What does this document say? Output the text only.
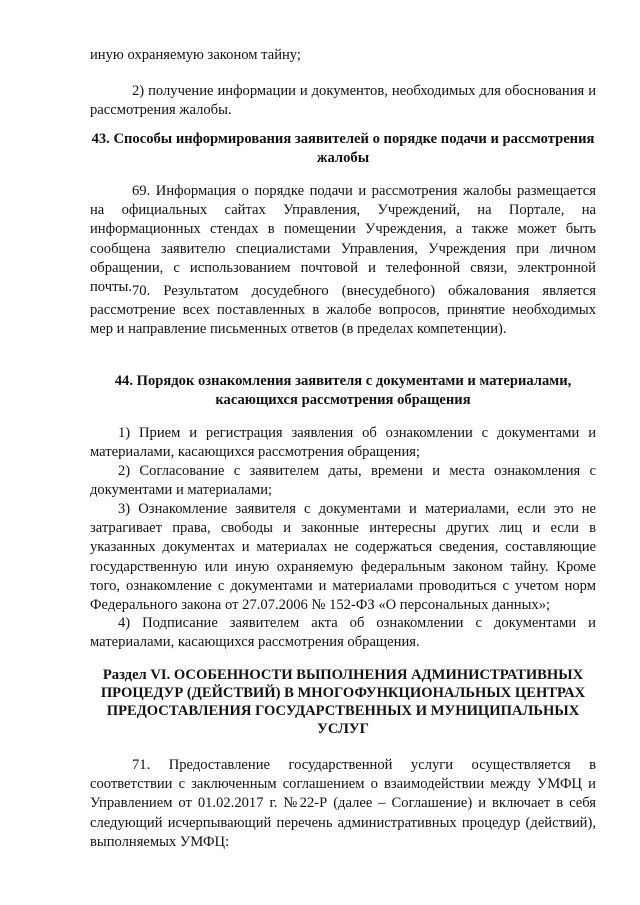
иную охраняемую законом тайну;

2) получение информации и документов, необходимых для обоснования и рассмотрения жалобы.

43. Способы информирования заявителей о порядке подачи и рассмотрения жалобы

69. Информация о порядке подачи и рассмотрения жалобы размещается на официальных сайтах Управления, Учреждений, на Портале, на информационных стендах в помещении Учреждения, а также может быть сообщена заявителю специалистами Управления, Учреждения при личном обращении, с использованием почтовой и телефонной связи, электронной почты. 70. Результатом досудебного (внесудебного) обжалования является рассмотрение всех поставленных в жалобе вопросов, принятие необходимых мер и направление письменных ответов (в пределах компетенции).

44. Порядок ознакомления заявителя с документами и материалами, касающихся рассмотрения обращения

1) Прием и регистрация заявления об ознакомлении с документами и материалами, касающихся рассмотрения обращения;

2) Согласование с заявителем даты, времени и места ознакомления с документами и материалами;

3) Ознакомление заявителя с документами и материалами, если это не затрагивает права, свободы и законные интересны других лиц и если в указанных документах и материалах не содержаться сведения, составляющие государственную или иную охраняемую федеральным законом тайну. Кроме того, ознакомление с документами и материалами проводиться с учетом норм Федерального закона от 27.07.2006 № 152-ФЗ «О персональных данных»;

4) Подписание заявителем акта об ознакомлении с документами и материалами, касающихся рассмотрения обращения.

Раздел VI. ОСОБЕННОСТИ ВЫПОЛНЕНИЯ АДМИНИСТРАТИВНЫХ ПРОЦЕДУР (ДЕЙСТВИЙ) В МНОГОФУНКЦИОНАЛЬНЫХ ЦЕНТРАХ ПРЕДОСТАВЛЕНИЯ ГОСУДАРСТВЕННЫХ И МУНИЦИПАЛЬНЫХ УСЛУГ

71. Предоставление государственной услуги осуществляется в соответствии с заключенным соглашением о взаимодействии между УМФЦ и Управлением от 01.02.2017 г. №22-Р (далее – Соглашение) и включает в себя следующий исчерпывающий перечень административных процедур (действий), выполняемых УМФЦ:
